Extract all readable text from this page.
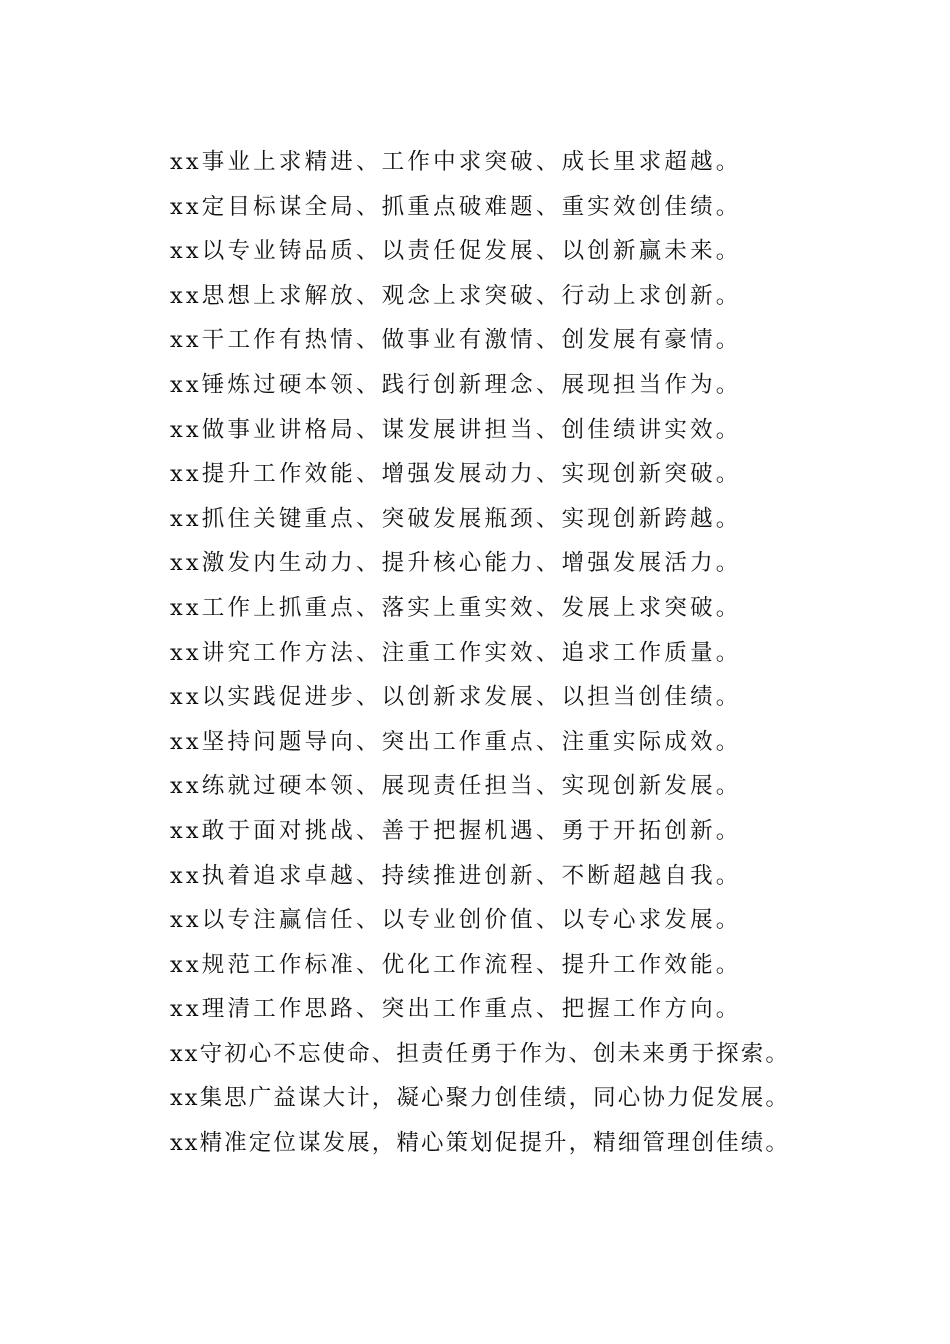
xx事业上求精进、工作中求突破、成长里求超越。
xx定目标谋全局、抓重点破难题、重实效创佳绩。
xx以专业铸品质、以责任促发展、以创新赢未来。
xx思想上求解放、观念上求突破、行动上求创新。
xx干工作有热情、做事业有激情、创发展有豪情。
xx锤炼过硬本领、践行创新理念、展现担当作为。
xx做事业讲格局、谋发展讲担当、创佳绩讲实效。
xx提升工作效能、增强发展动力、实现创新突破。
xx抓住关键重点、突破发展瓶颈、实现创新跨越。
xx激发内生动力、提升核心能力、增强发展活力。
xx工作上抓重点、落实上重实效、发展上求突破。
xx讲究工作方法、注重工作实效、追求工作质量。
xx以实践促进步、以创新求发展、以担当创佳绩。
xx坚持问题导向、突出工作重点、注重实际成效。
xx练就过硬本领、展现责任担当、实现创新发展。
xx敢于面对挑战、善于把握机遇、勇于开拓创新。
xx执着追求卓越、持续推进创新、不断超越自我。
xx以专注赢信任、以专业创价值、以专心求发展。
xx规范工作标准、优化工作流程、提升工作效能。
xx理清工作思路、突出工作重点、把握工作方向。
xx守初心不忘使命、担责任勇于作为、创未来勇于探索。
xx集思广益谋大计，凝心聚力创佳绩，同心协力促发展。
xx精准定位谋发展，精心策划促提升，精细管理创佳绩。
